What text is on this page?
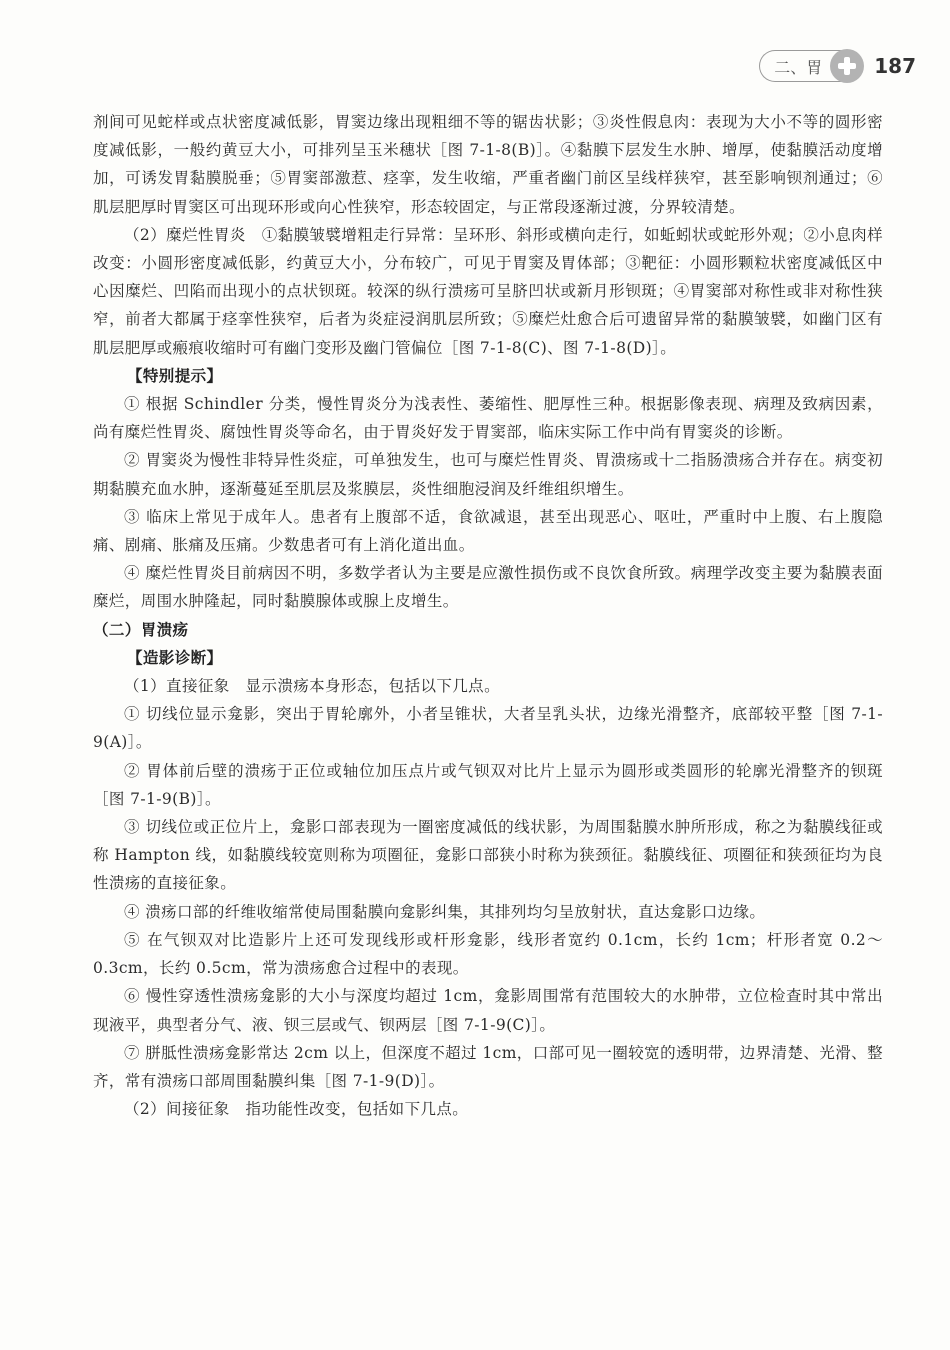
二、胃	187

剂间可见蛇样或点状密度减低影，胃窦边缘出现粗细不等的锯齿状影；③炎性假息肉：表现为大小不等的圆形密度减低影，一般约黄豆大小，可排列呈玉米穗状［图 7-1-8(B)］。④黏膜下层发生水肿、增厚，使黏膜活动度增加，可诱发胃黏膜脱垂；⑤胃窦部激惹、痉挛，发生收缩，严重者幽门前区呈线样狭窄，甚至影响钡剂通过；⑥肌层肥厚时胃窦区可出现环形或向心性狭窄，形态较固定，与正常段逐渐过渡，分界较清楚。

（2）糜烂性胃炎　①黏膜皱襞增粗走行异常：呈环形、斜形或横向走行，如蚯蚓状或蛇形外观；②小息肉样改变：小圆形密度减低影，约黄豆大小，分布较广，可见于胃窦及胃体部；③靶征：小圆形颗粒状密度减低区中心因糜烂、凹陷而出现小的点状钡斑。较深的纵行溃疡可呈脐凹状或新月形钡斑；④胃窦部对称性或非对称性狭窄，前者大都属于痉挛性狭窄，后者为炎症浸润肌层所致；⑤糜烂灶愈合后可遗留异常的黏膜皱襞，如幽门区有肌层肥厚或瘢痕收缩时可有幽门变形及幽门管偏位［图 7-1-8(C)、图 7-1-8(D)］。

【特别提示】

① 根据 Schindler 分类，慢性胃炎分为浅表性、萎缩性、肥厚性三种。根据影像表现、病理及致病因素，尚有糜烂性胃炎、腐蚀性胃炎等命名，由于胃炎好发于胃窦部，临床实际工作中尚有胃窦炎的诊断。

② 胃窦炎为慢性非特异性炎症，可单独发生，也可与糜烂性胃炎、胃溃疡或十二指肠溃疡合并存在。病变初期黏膜充血水肿，逐渐蔓延至肌层及浆膜层，炎性细胞浸润及纤维组织增生。

③ 临床上常见于成年人。患者有上腹部不适，食欲减退，甚至出现恶心、呕吐，严重时中上腹、右上腹隐痛、剧痛、胀痛及压痛。少数患者可有上消化道出血。

④ 糜烂性胃炎目前病因不明，多数学者认为主要是应激性损伤或不良饮食所致。病理学改变主要为黏膜表面糜烂，周围水肿隆起，同时黏膜腺体或腺上皮增生。

（二）胃溃疡

【造影诊断】

（1）直接征象　显示溃疡本身形态，包括以下几点。

① 切线位显示龛影，突出于胃轮廓外，小者呈锥状，大者呈乳头状，边缘光滑整齐，底部较平整［图 7-1-9(A)］。

② 胃体前后壁的溃疡于正位或轴位加压点片或气钡双对比片上显示为圆形或类圆形的轮廓光滑整齐的钡斑［图 7-1-9(B)］。

③ 切线位或正位片上，龛影口部表现为一圈密度减低的线状影，为周围黏膜水肿所形成，称之为黏膜线征或称 Hampton 线，如黏膜线较宽则称为项圈征，龛影口部狭小时称为狭颈征。黏膜线征、项圈征和狭颈征均为良性溃疡的直接征象。

④ 溃疡口部的纤维收缩常使局围黏膜向龛影纠集，其排列均匀呈放射状，直达龛影口边缘。

⑤ 在气钡双对比造影片上还可发现线形或杆形龛影，线形者宽约 0.1cm，长约 1cm；杆形者宽 0.2～0.3cm，长约 0.5cm，常为溃疡愈合过程中的表现。

⑥ 慢性穿透性溃疡龛影的大小与深度均超过 1cm，龛影周围常有范围较大的水肿带，立位检查时其中常出现液平，典型者分气、液、钡三层或气、钡两层［图 7-1-9(C)］。

⑦ 胼胝性溃疡龛影常达 2cm 以上，但深度不超过 1cm，口部可见一圈较宽的透明带，边界清楚、光滑、整齐，常有溃疡口部周围黏膜纠集［图 7-1-9(D)］。

（2）间接征象　指功能性改变，包括如下几点。
